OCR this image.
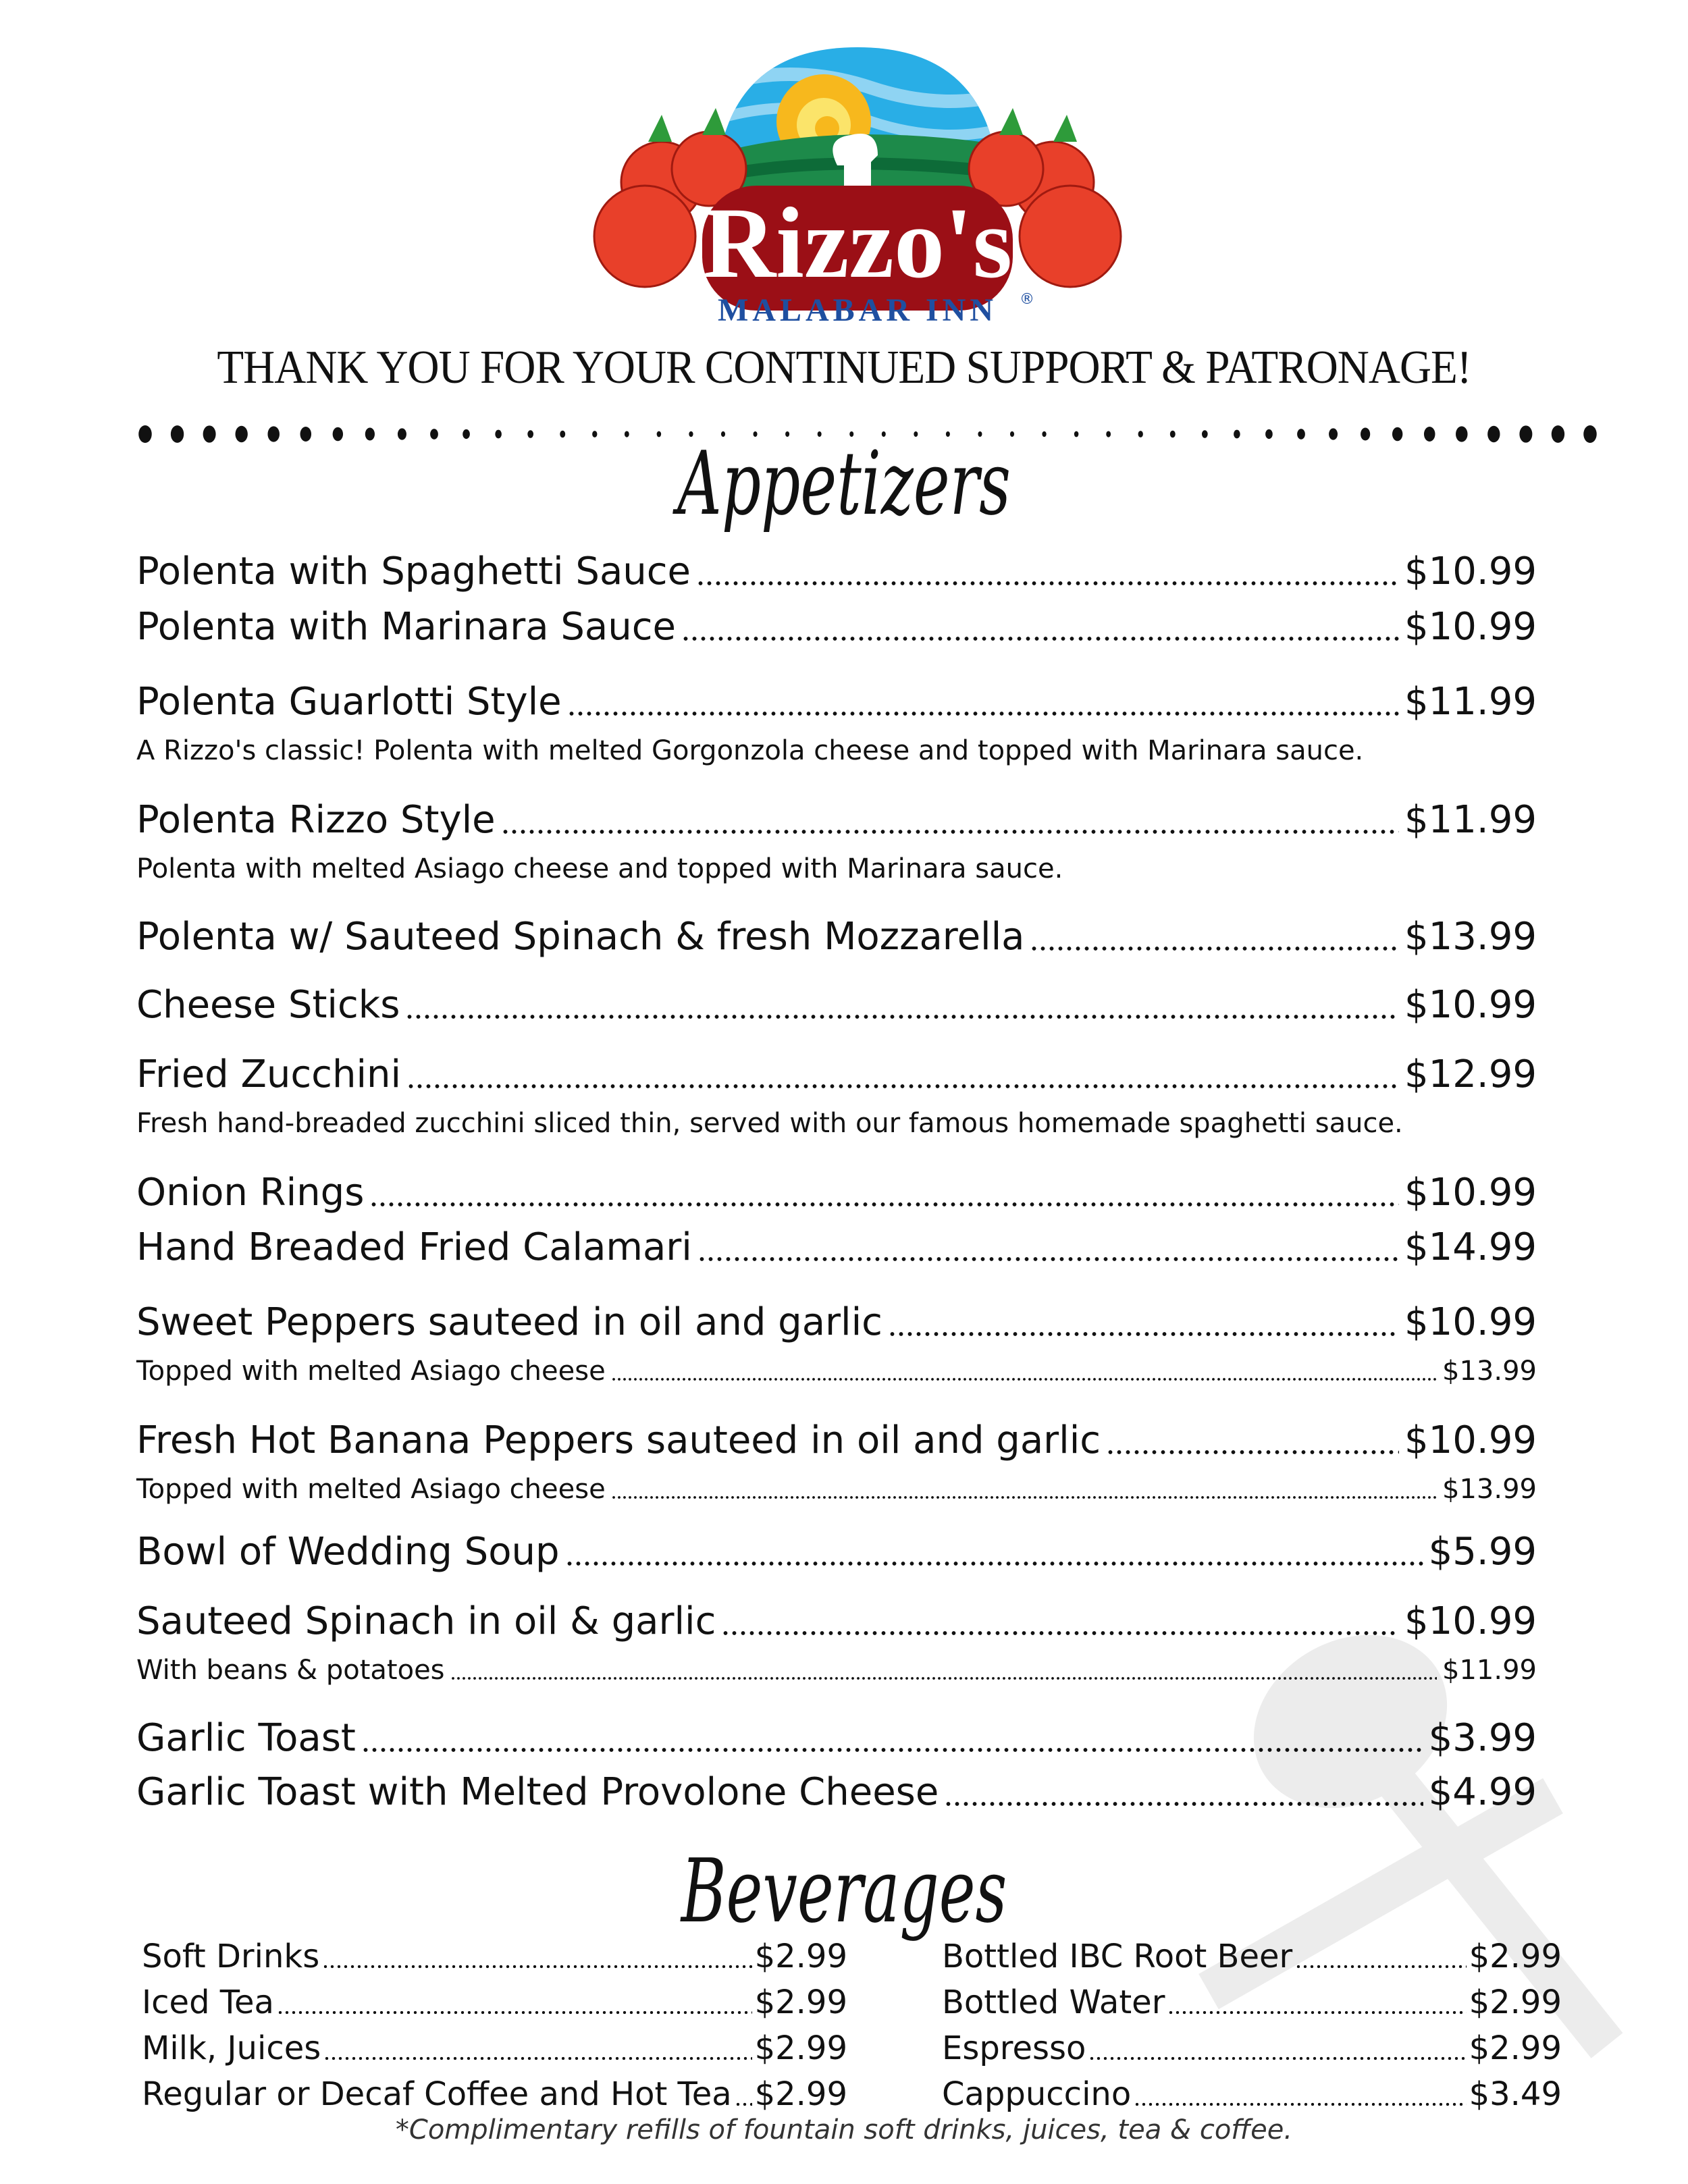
Rizzo's
®
MALABAR INN
THANK YOU FOR YOUR CONTINUED SUPPORT & PATRONAGE!
Appetizers
Polenta with Spaghetti Sauce	$10.99
Polenta with Marinara Sauce	$10.99
Polenta Guarlotti Style	$11.99
A Rizzo's classic! Polenta with melted Gorgonzola cheese and topped with Marinara sauce.
Polenta Rizzo Style	$11.99
Polenta with melted Asiago cheese and topped with Marinara sauce.
Polenta w/ Sauteed Spinach & fresh Mozzarella	$13.99
Cheese Sticks	$10.99
Fried Zucchini	$12.99
Fresh hand-breaded zucchini sliced thin, served with our famous homemade spaghetti sauce.
Onion Rings	$10.99
Hand Breaded Fried Calamari	$14.99
Sweet Peppers sauteed in oil and garlic	$10.99
Topped with melted Asiago cheese	$13.99
Fresh Hot Banana Peppers sauteed in oil and garlic	$10.99
Topped with melted Asiago cheese	$13.99
Bowl of Wedding Soup	$5.99
Sauteed Spinach in oil & garlic	$10.99
With beans & potatoes	$11.99
Garlic Toast	$3.99
Garlic Toast with Melted Provolone Cheese	$4.99
Beverages
Soft Drinks	$2.99
Iced Tea	$2.99
Milk, Juices	$2.99
Regular or Decaf Coffee and Hot Tea $2.99
Bottled IBC Root Beer	$2.99
Bottled Water	$2.99
Espresso	$2.99
Cappuccino	$3.49
*Complimentary refills of fountain soft drinks, juices, tea & coffee.
